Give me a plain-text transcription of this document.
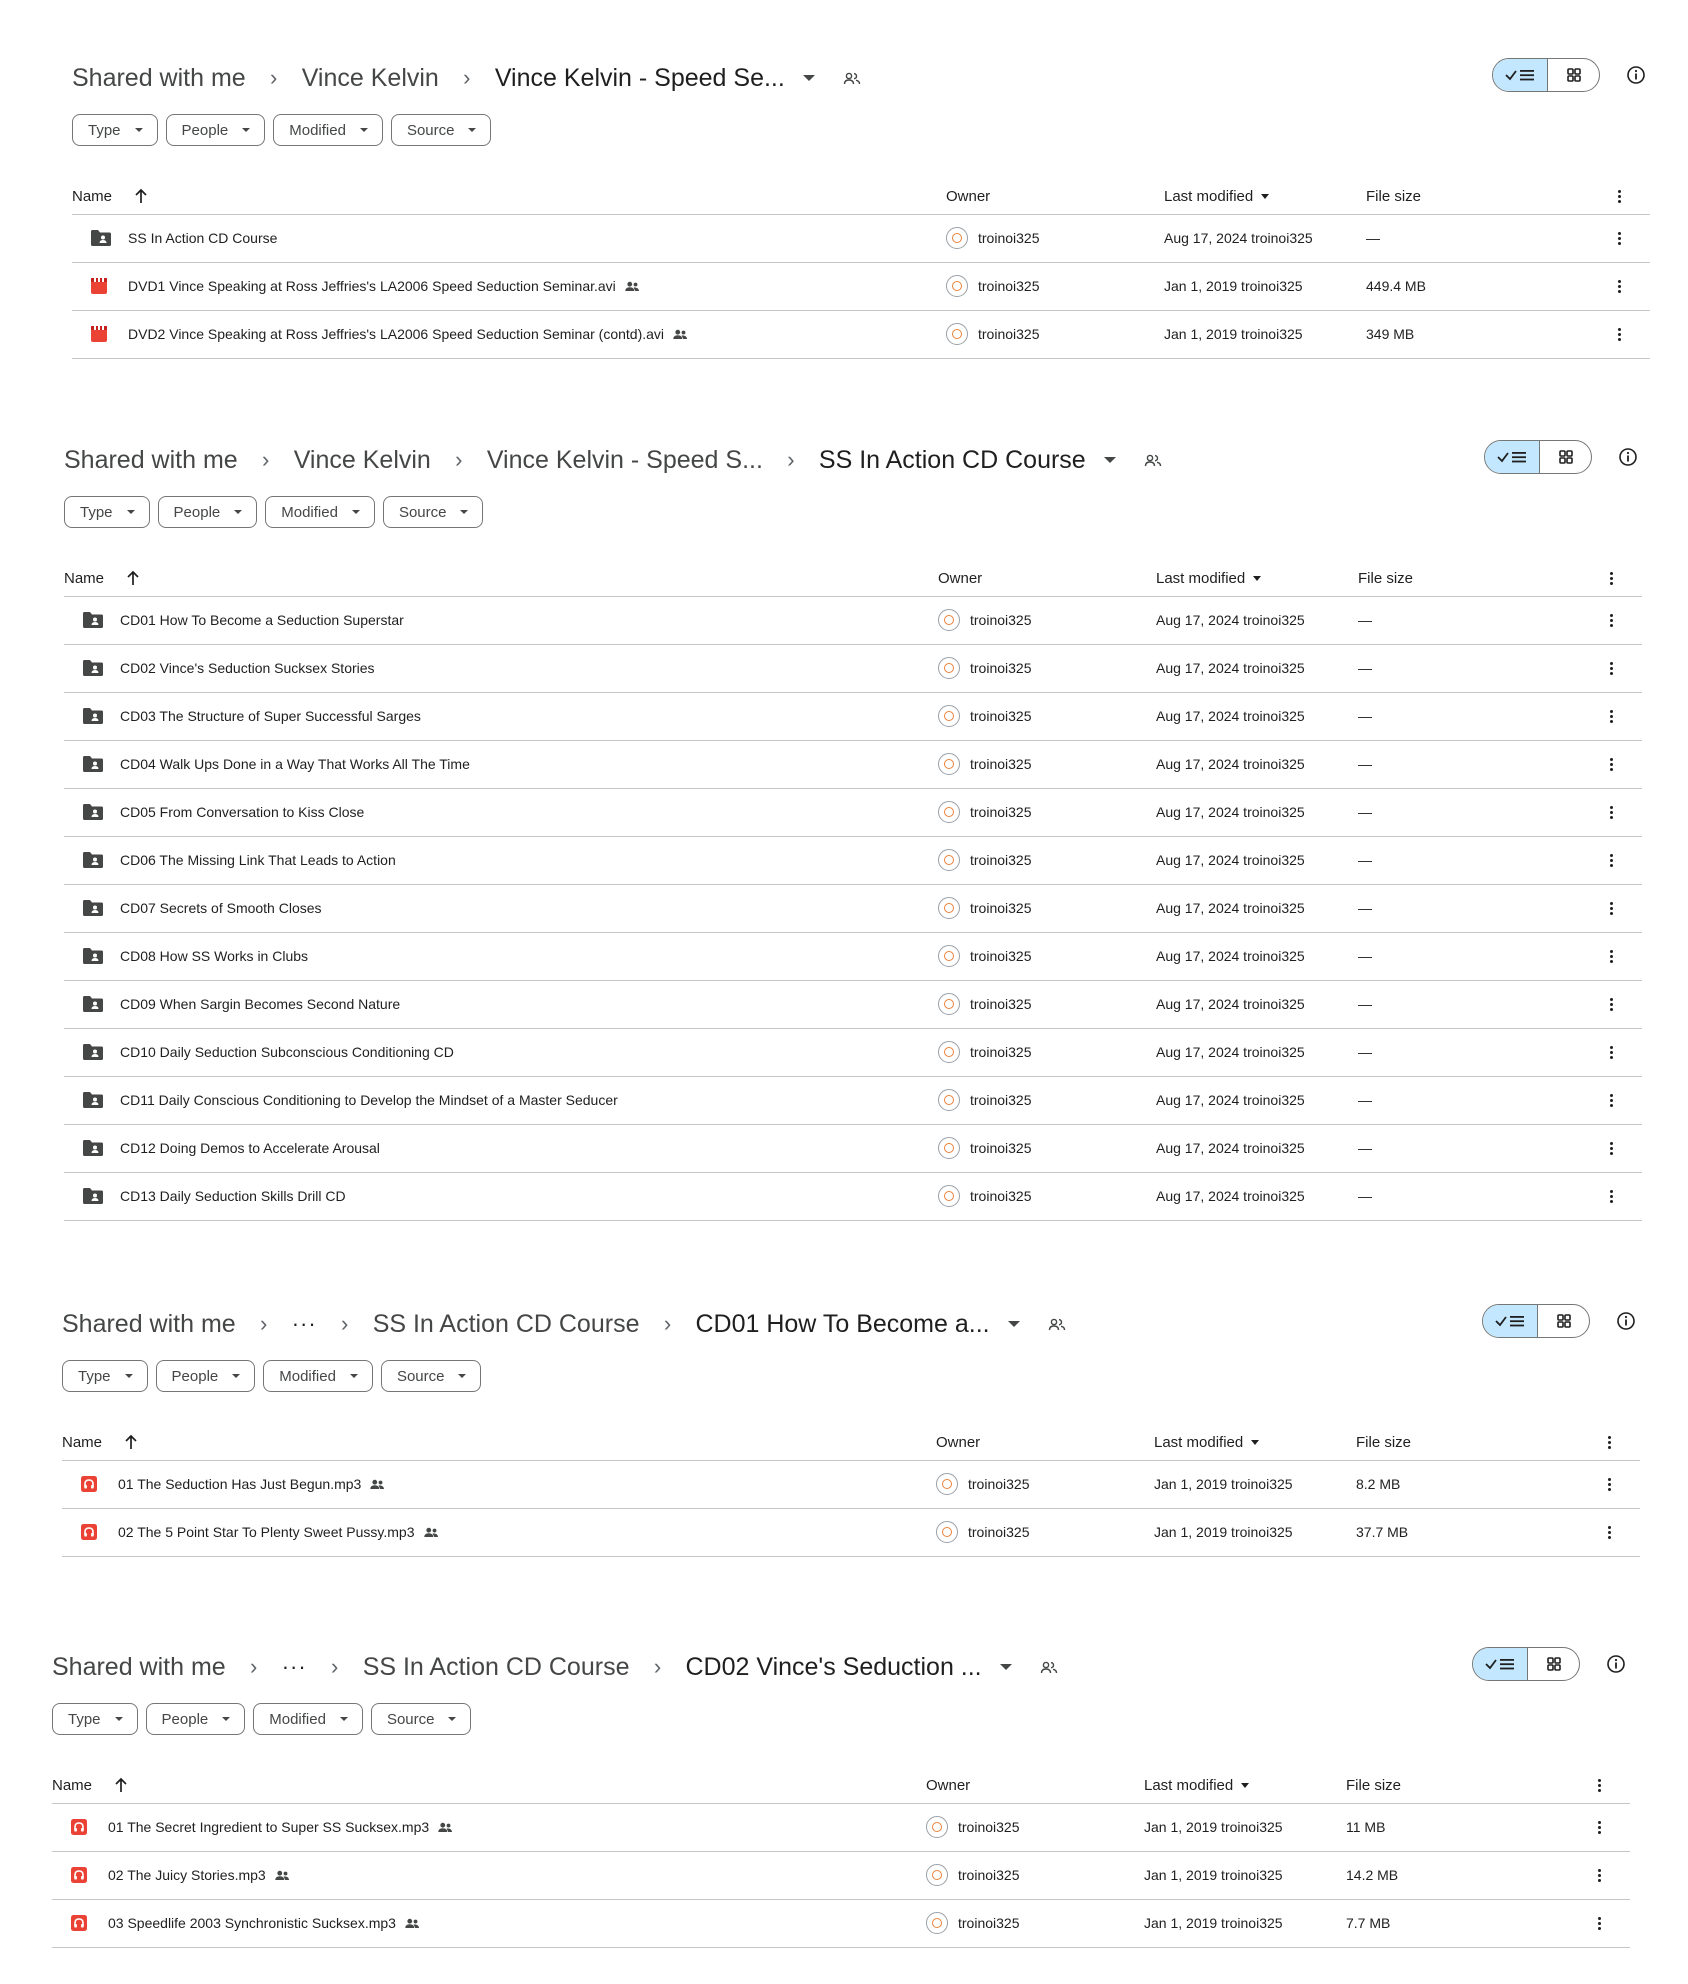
Shared with me	› Vince Kelvin	› Vince Kelvin - Speed Se...
Type	People	Modified	Source
Name	Owner	Last modified	File size
SS In Action CD Course	troinoi325	Aug 17, 2024 troinoi325	—
DVD1 Vince Speaking at Ross Jeffries's LA2006 Speed Seduction Seminar.avi	troinoi325	Jan 1, 2019 troinoi325	449.4 MB
DVD2 Vince Speaking at Ross Jeffries's LA2006 Speed Seduction Seminar (contd).avi	troinoi325	Jan 1, 2019 troinoi325	349 MB
Shared with me	› Vince Kelvin	› Vince Kelvin - Speed S...	› SS In Action CD Course
Type	People	Modified	Source
Name	Owner	Last modified	File size
CD01 How To Become a Seduction Superstar	troinoi325	Aug 17, 2024 troinoi325	—
CD02 Vince's Seduction Sucksex Stories	troinoi325	Aug 17, 2024 troinoi325	—
CD03 The Structure of Super Successful Sarges	troinoi325	Aug 17, 2024 troinoi325	—
CD04 Walk Ups Done in a Way That Works All The Time	troinoi325	Aug 17, 2024 troinoi325	—
CD05 From Conversation to Kiss Close	troinoi325	Aug 17, 2024 troinoi325	—
CD06 The Missing Link That Leads to Action	troinoi325	Aug 17, 2024 troinoi325	—
CD07 Secrets of Smooth Closes	troinoi325	Aug 17, 2024 troinoi325	—
CD08 How SS Works in Clubs	troinoi325	Aug 17, 2024 troinoi325	—
CD09 When Sargin Becomes Second Nature	troinoi325	Aug 17, 2024 troinoi325	—
CD10 Daily Seduction Subconscious Conditioning CD	troinoi325	Aug 17, 2024 troinoi325	—
CD11 Daily Conscious Conditioning to Develop the Mindset of a Master Seducer	troinoi325	Aug 17, 2024 troinoi325	—
CD12 Doing Demos to Accelerate Arousal	troinoi325	Aug 17, 2024 troinoi325	—
CD13 Daily Seduction Skills Drill CD	troinoi325	Aug 17, 2024 troinoi325	—
Shared with me	›	···	› SS In Action CD Course	› CD01 How To Become a...
Type	People	Modified	Source
Name	Owner	Last modified	File size
01 The Seduction Has Just Begun.mp3	troinoi325	Jan 1, 2019 troinoi325	8.2 MB
02 The 5 Point Star To Plenty Sweet Pussy.mp3	troinoi325	Jan 1, 2019 troinoi325	37.7 MB
Shared with me	›	···	› SS In Action CD Course	› CD02 Vince's Seduction ...
Type	People	Modified	Source
Name	Owner	Last modified	File size
01 The Secret Ingredient to Super SS Sucksex.mp3	troinoi325	Jan 1, 2019 troinoi325	11 MB
02 The Juicy Stories.mp3	troinoi325	Jan 1, 2019 troinoi325	14.2 MB
03 Speedlife 2003 Synchronistic Sucksex.mp3	troinoi325	Jan 1, 2019 troinoi325	7.7 MB
